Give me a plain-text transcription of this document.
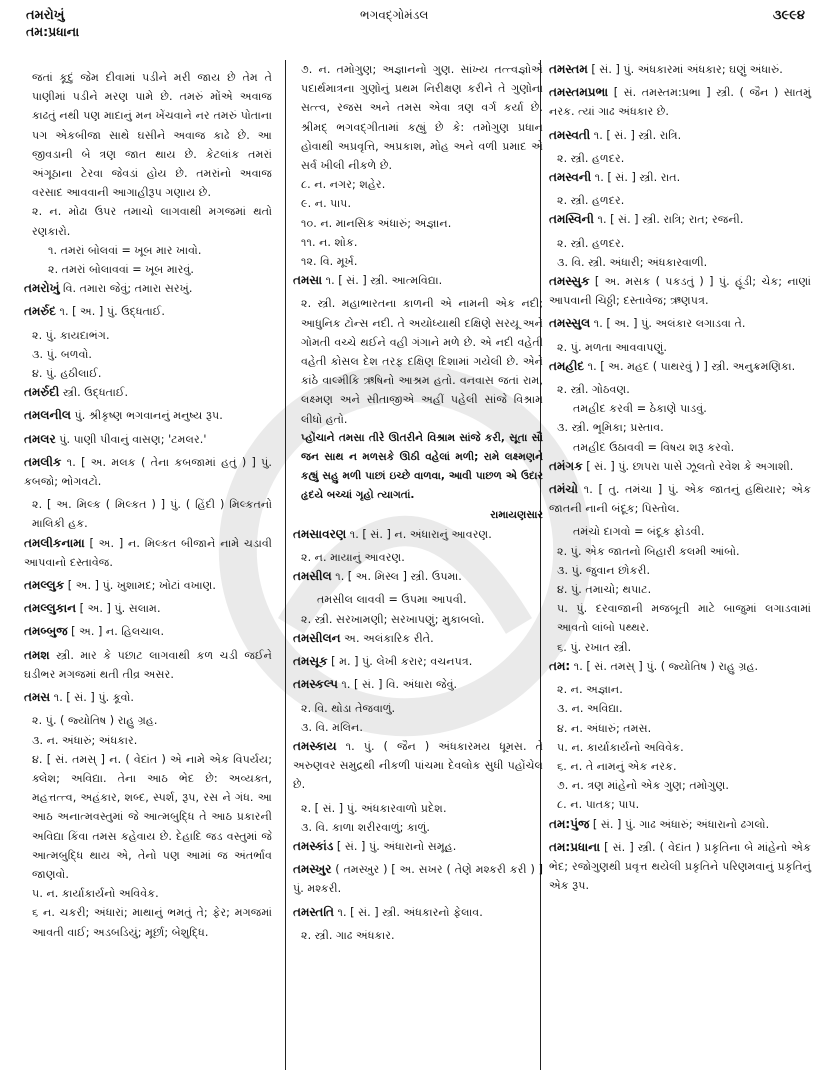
તમરોખું
તમ:પ્રધાના
ભગવદ્ગોમંડલ	૩૯૯૪
જતાં કૂદું જેમ દીવામાં પડીને મરી જાય છે તેમ તે પાણીમાં પડીને મરણ પામે છે. તમરું મોંએ અવાજ કાઢતું નથી પણ માદાનું મન ખેંચવાને નર તમરું પોતાના પગ એકબીજા સાથે ઘસીને અવાજ કાઢે છે. આ જીવડાની બે ત્રણ જાત થાય છે. કેટલાંક તમરાં અંગૂઠાના ટેરવા જેવડાં હોય છે. તમરાંનો અવાજ વરસાદ આવવાની આગાહીરૂપ ગણાય છે.
૨. ન. મોઢા ઉપર તમાચો લાગવાથી મગજમાં થતો રણકારો.
૧. તમરાં બોલવાં = ખૂબ માર ખાવો.
૨. તમરાં બોલાવવાં = ખૂબ મારવું.
તમરોખું વિ. તમારા જેવું; તમારા સરખું.
તમર્રુદ ૧. [ અ. ] પું. ઉદ્ધતાઈ.
૨. પું. કાયદાભંગ.
૩. પું. બળવો.
૪. પું. હઠીલાઈ.
તમર્રુદી સ્ત્રી. ઉદ્ધતાઈ.
તમલનીલ પું. શ્રીકૃષ્ણ ભગવાનનું મનુષ્ય રૂપ.
તમલર પું. પાણી પીવાનું વાસણ; 'ટમલર.'
તમલીક ૧. [ અ. મલક ( તેના કબજામાં હતું ) ] પું. કબજો; ભોગવટો.
૨. [ અ. મિલ્ક ( મિલ્કત ) ] પું. ( હિંદી ) મિલ્કતનો માલિકી હક.
તમલીકનામા [ અ. ] ન. મિલ્કત બીજાને નામે ચડાવી આપવાનો દસ્તાવેજ.
તમલ્લુક [ અ. ] પું. ખુશામદ; ખોટાં વખાણ.
તમલ્લુકાન [ અ. ] પું. સલામ.
તમબ્બુજ [ અ. ] ન. હિલચાલ.
તમશ સ્ત્રી. માર કે પછાટ લાગવાથી કળ ચડી જઈને ઘડીભર મગજમાં થતી તીવ્ર અસર.
તમસ ૧. [ સં. ] પું. કૂવો.
૨. પું. ( જ્યોતિષ ) રાહુ ગ્રહ.
૩. ન. અંધારું; અંધકાર.
૪. [ સં. તમસ્ ] ન. ( વેદાંત ) એ નામે એક વિપર્યય; ક્લેશ; અવિદ્યા. તેના આઠ ભેદ છે: અવ્યક્ત, મહત્તત્ત્વ, અહંકાર, શબ્દ, સ્પર્શ, રૂપ, રસ ને ગંધ. આ આઠ અનાત્મવસ્તુમાં જે આત્મબુદ્ધિ તે આઠ પ્રકારની અવિદ્યા કિંવા તમસ કહેવાય છે. દેહાદિ જડ વસ્તુમાં જે આત્મબુદ્ધિ થાય એ, તેનો પણ આમાં જ અંતર્ભાવ જાણવો.
૫. ન. કાર્યાકાર્યનો અવિવેક.
૬ ન. ચકરી; અંધારાં; માથાનું ભમતું તે; ફેર; મગજમાં આવતી વાઈ; અડબડિયું; મૂર્છા; બેશુદ્ધિ.
૭. ન. તમોગુણ; અજ્ઞાનનો ગુણ. સાંખ્ય તત્ત્વજ્ઞોએ પદાર્થમાત્રના ગુણોનું પ્રથમ નિરીક્ષણ કરીને તે ગુણોના સત્ત્વ, રજસ અને તમસ એવા ત્રણ વર્ગ કર્યા છે. શ્રીમદ્ ભગવદ્ગીતામાં કહ્યું છે કે: તમોગુણ પ્રધાન હોવાથી અપ્રવૃત્તિ, અપ્રકાશ, મોહ અને વળી પ્રમાદ એ સર્વ ખીલી નીકળે છે.
૮. ન. નગર; શહેર.
૯. ન. પાપ.
૧૦. ન. માનસિક અંધારું; અજ્ઞાન.
૧૧. ન. શોક.
૧૨. વિ. મૂર્ખ.
તમસા ૧. [ સં. ] સ્ત્રી. આત્મવિદ્યા.
૨. સ્ત્રી. મહાભારતના કાળની એ નામની એક નદી; આધુનિક ટોન્સ નદી. તે અયોધ્યાથી દક્ષિણે સરયૂ અને ગોમતી વચ્ચે થઈને વહી ગંગાને મળે છે. એ નદી વહેતી વહેતી કોસલ દેશ તરફ દક્ષિણ દિશામાં ગયેલી છે. એને કાંઠે વાલ્મીકિ ઋષિનો આશ્રમ હતો. વનવાસ જતાં રામ, લક્ષ્મણ અને સીતાજીએ અહીં પહેલી સાંજે વિશ્રામ લીધો હતો.
પ્હોંચાને તમસા તીરે ઊતરીને વિશ્રામ સાંજે કરી, સૂતા સૌ જન સાથ ન મળસકે ઊઠી વહેલાં મળી; રામે લક્ષ્મણને કહ્યું સહુ મળી પાછાં ઇચ્છે વાળવા, આવી પાછળ એ ઉદાર હૃદયે બચ્ચાં ગૃહો ત્યાગતાં.
રામાયણસાર
તમસાવરણ ૧. [ સં. ] ન. અંધારાનું આવરણ.
૨. ન. માયાનું આવરણ.
તમસીલ ૧. [ અ. મિસ્લ ] સ્ત્રી. ઉપમા.
તમસીલ લાવવી = ઉપમા આપવી.
૨. સ્ત્રી. સરખામણી; સરખાપણું; મુકાબલો.
તમસીલન અ. અલંકારિક રીતે.
તમસૂક [ મ. ] પું. લેખી કરાર; વચનપત્ર.
તમસ્કલ્પ ૧. [ સં. ] વિ. અંધારા જેવું.
૨. વિ. થોડા તેજવાળું.
૩. વિ. મલિન.
તમસ્કાય ૧. પું. ( જૈન ) અંધકારમય ધૂમસ. તે અરુણવર સમુદ્રથી નીકળી પાંચમા દેવલોક સુધી પહોંચેલ છે.
૨. [ સં. ] પું. અંધકારવાળો પ્રદેશ.
૩. વિ. કાળા શરીરવાળું; કાળું.
તમસ્કાંડ [ સં. ] પું. અંધારાનો સમૂહ.
તમસ્ખુર ( તમસ્ખુર ) [ અ. સખર ( તેણે મશ્કરી કરી ) ] પું. મશ્કરી.
તમસ્તતિ ૧. [ સં. ] સ્ત્રી. અંધકારનો ફેલાવ.
૨. સ્ત્રી. ગાઢ અંધકાર.
તમસ્તમ [ સં. ] પું. અંધકારમાં અંધકાર; ઘણું અંધારું.
તમસ્તમપ્રભા [ સં. તમસ્તમ:પ્રભા ] સ્ત્રી. ( જૈન ) સાતમું નરક. ત્યાં ગાઢ અંધકાર છે.
તમસ્વતી ૧. [ સં. ] સ્ત્રી. રાત્રિ.
૨. સ્ત્રી. હળદર.
તમસ્વની ૧. [ સં. ] સ્ત્રી. રાત.
૨. સ્ત્રી. હળદર.
તમસ્વિની ૧. [ સં. ] સ્ત્રી. રાત્રિ; રાત; રજની.
૨. સ્ત્રી. હળદર.
૩. વિ. સ્ત્રી. અંધારી; અંધકારવાળી.
તમસ્સુક [ અ. મસક ( પકડતું ) ] પું. હૂંડી; ચેક; નાણાં આપવાની ચિઠ્ઠી; દસ્તાવેજ; ઋણપત્ર.
તમસ્સુલ ૧. [ અ. ] પું. અલંકાર લગાડવા તે.
૨. પું. મળતા આવવાપણું.
તમહીદ ૧. [ અ. મહદ ( પાથરવું ) ] સ્ત્રી. અનુક્રમણિકા.
૨. સ્ત્રી. ગોઠવણ.
તમહીદ કરવી = ઠેકાણે પાડવું.
૩. સ્ત્રી. ભૂમિકા; પ્રસ્તાવ.
તમહીદ ઉઠાવવી = વિષય શરૂ કરવો.
તમંગક [ સં. ] પું. છાપરા પાસે ઝૂલતો રવેશ કે અગાશી.
તમંચો ૧. [ તુ. તમંચા ] પું. એક જાતનું હથિયાર; એક જાતની નાની બંદૂક; પિસ્તોલ.
તમંચો દાગવો = બંદૂક ફોડવી.
૨. પું. એક જાતનો બિહારી કલમી આંબો.
૩. પું. જુવાન છોકરી.
૪. પું. તમાચો; થપાટ.
૫. પું. દરવાજાની મજબૂતી માટે બાજુમાં લગાડવામાં આવતો લાંબો પથ્થર.
૬. પું. રખાત સ્ત્રી.
તમ: ૧. [ સં. તમસ્ ] પું. ( જ્યોતિષ ) રાહુ ગ્રહ.
૨. ન. અજ્ઞાન.
૩. ન. અવિદ્યા.
૪. ન. અંધારું; તમસ.
૫. ન. કાર્યાકાર્યનો અવિવેક.
૬. ન. તે નામનું એક નરક.
૭. ન. ત્રણ માંહેનો એક ગુણ; તમોગુણ.
૮. ન. પાતક; પાપ.
તમ:પુંજ [ સં. ] પું. ગાઢ અંધારું; અંધારાનો ઢગલો.
તમ:પ્રધાના [ સં. ] સ્ત્રી. ( વેદાંત ) પ્રકૃતિના બે માંહેનો એક ભેદ; રજોગુણથી પ્રવૃત્ત થયેલી પ્રકૃતિને પરિણમવાનું પ્રકૃતિનું એક રૂપ.
